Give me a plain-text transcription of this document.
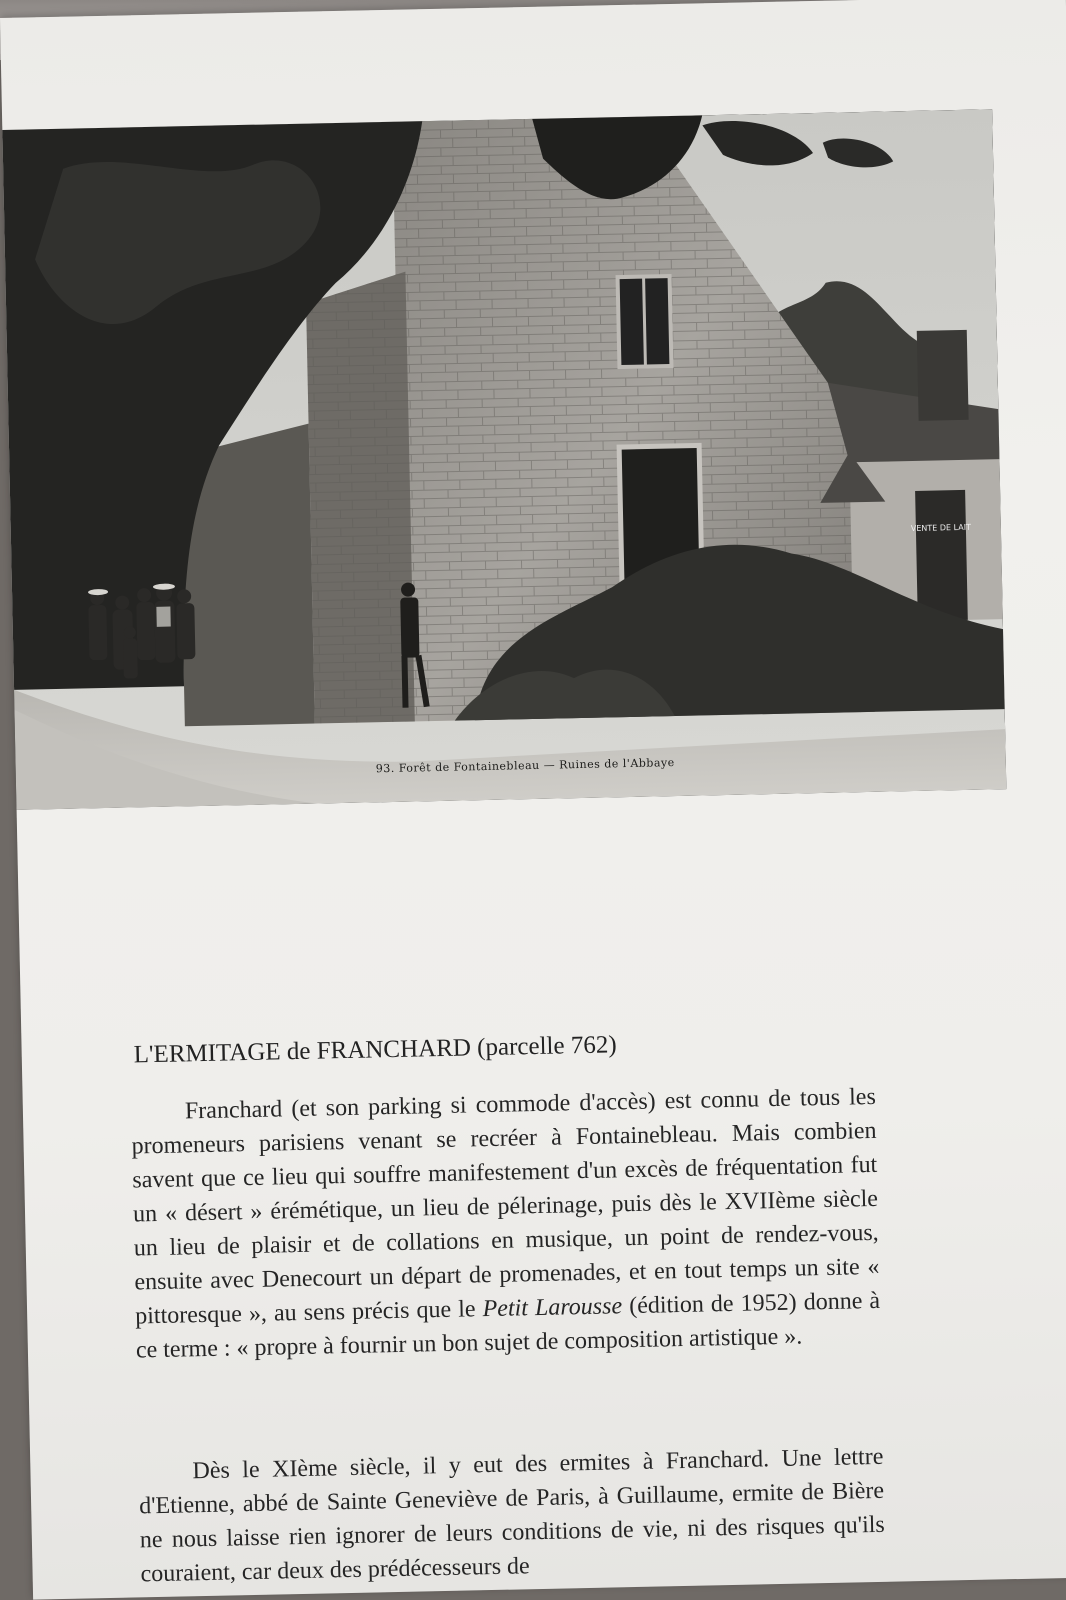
VENTE DE LAIT
93. Forêt de Fontainebleau — Ruines de l'Abbaye
L'ERMITAGE de FRANCHARD (parcelle 762)
Franchard (et son parking si commode d'accès) est connu de tous les promeneurs parisiens venant se recréer à Fontainebleau. Mais combien savent que ce lieu qui souffre manifestement d'un excès de fréquentation fut un « désert » érémétique, un lieu de pélerinage, puis dès le XVIIème siècle un lieu de plaisir et de collations en musique, un point de rendez-vous, ensuite avec Denecourt un départ de promenades, et en tout temps un site « pittoresque », au sens précis que le Petit Larousse (édition de 1952) donne à ce terme : « propre à fournir un bon sujet de composition artistique ».
Dès le XIème siècle, il y eut des ermites à Franchard. Une lettre d'Etienne, abbé de Sainte Geneviève de Paris, à Guillaume, ermite de Bière ne nous laisse rien ignorer de leurs conditions de vie, ni des risques qu'ils couraient, car deux des prédécesseurs de
